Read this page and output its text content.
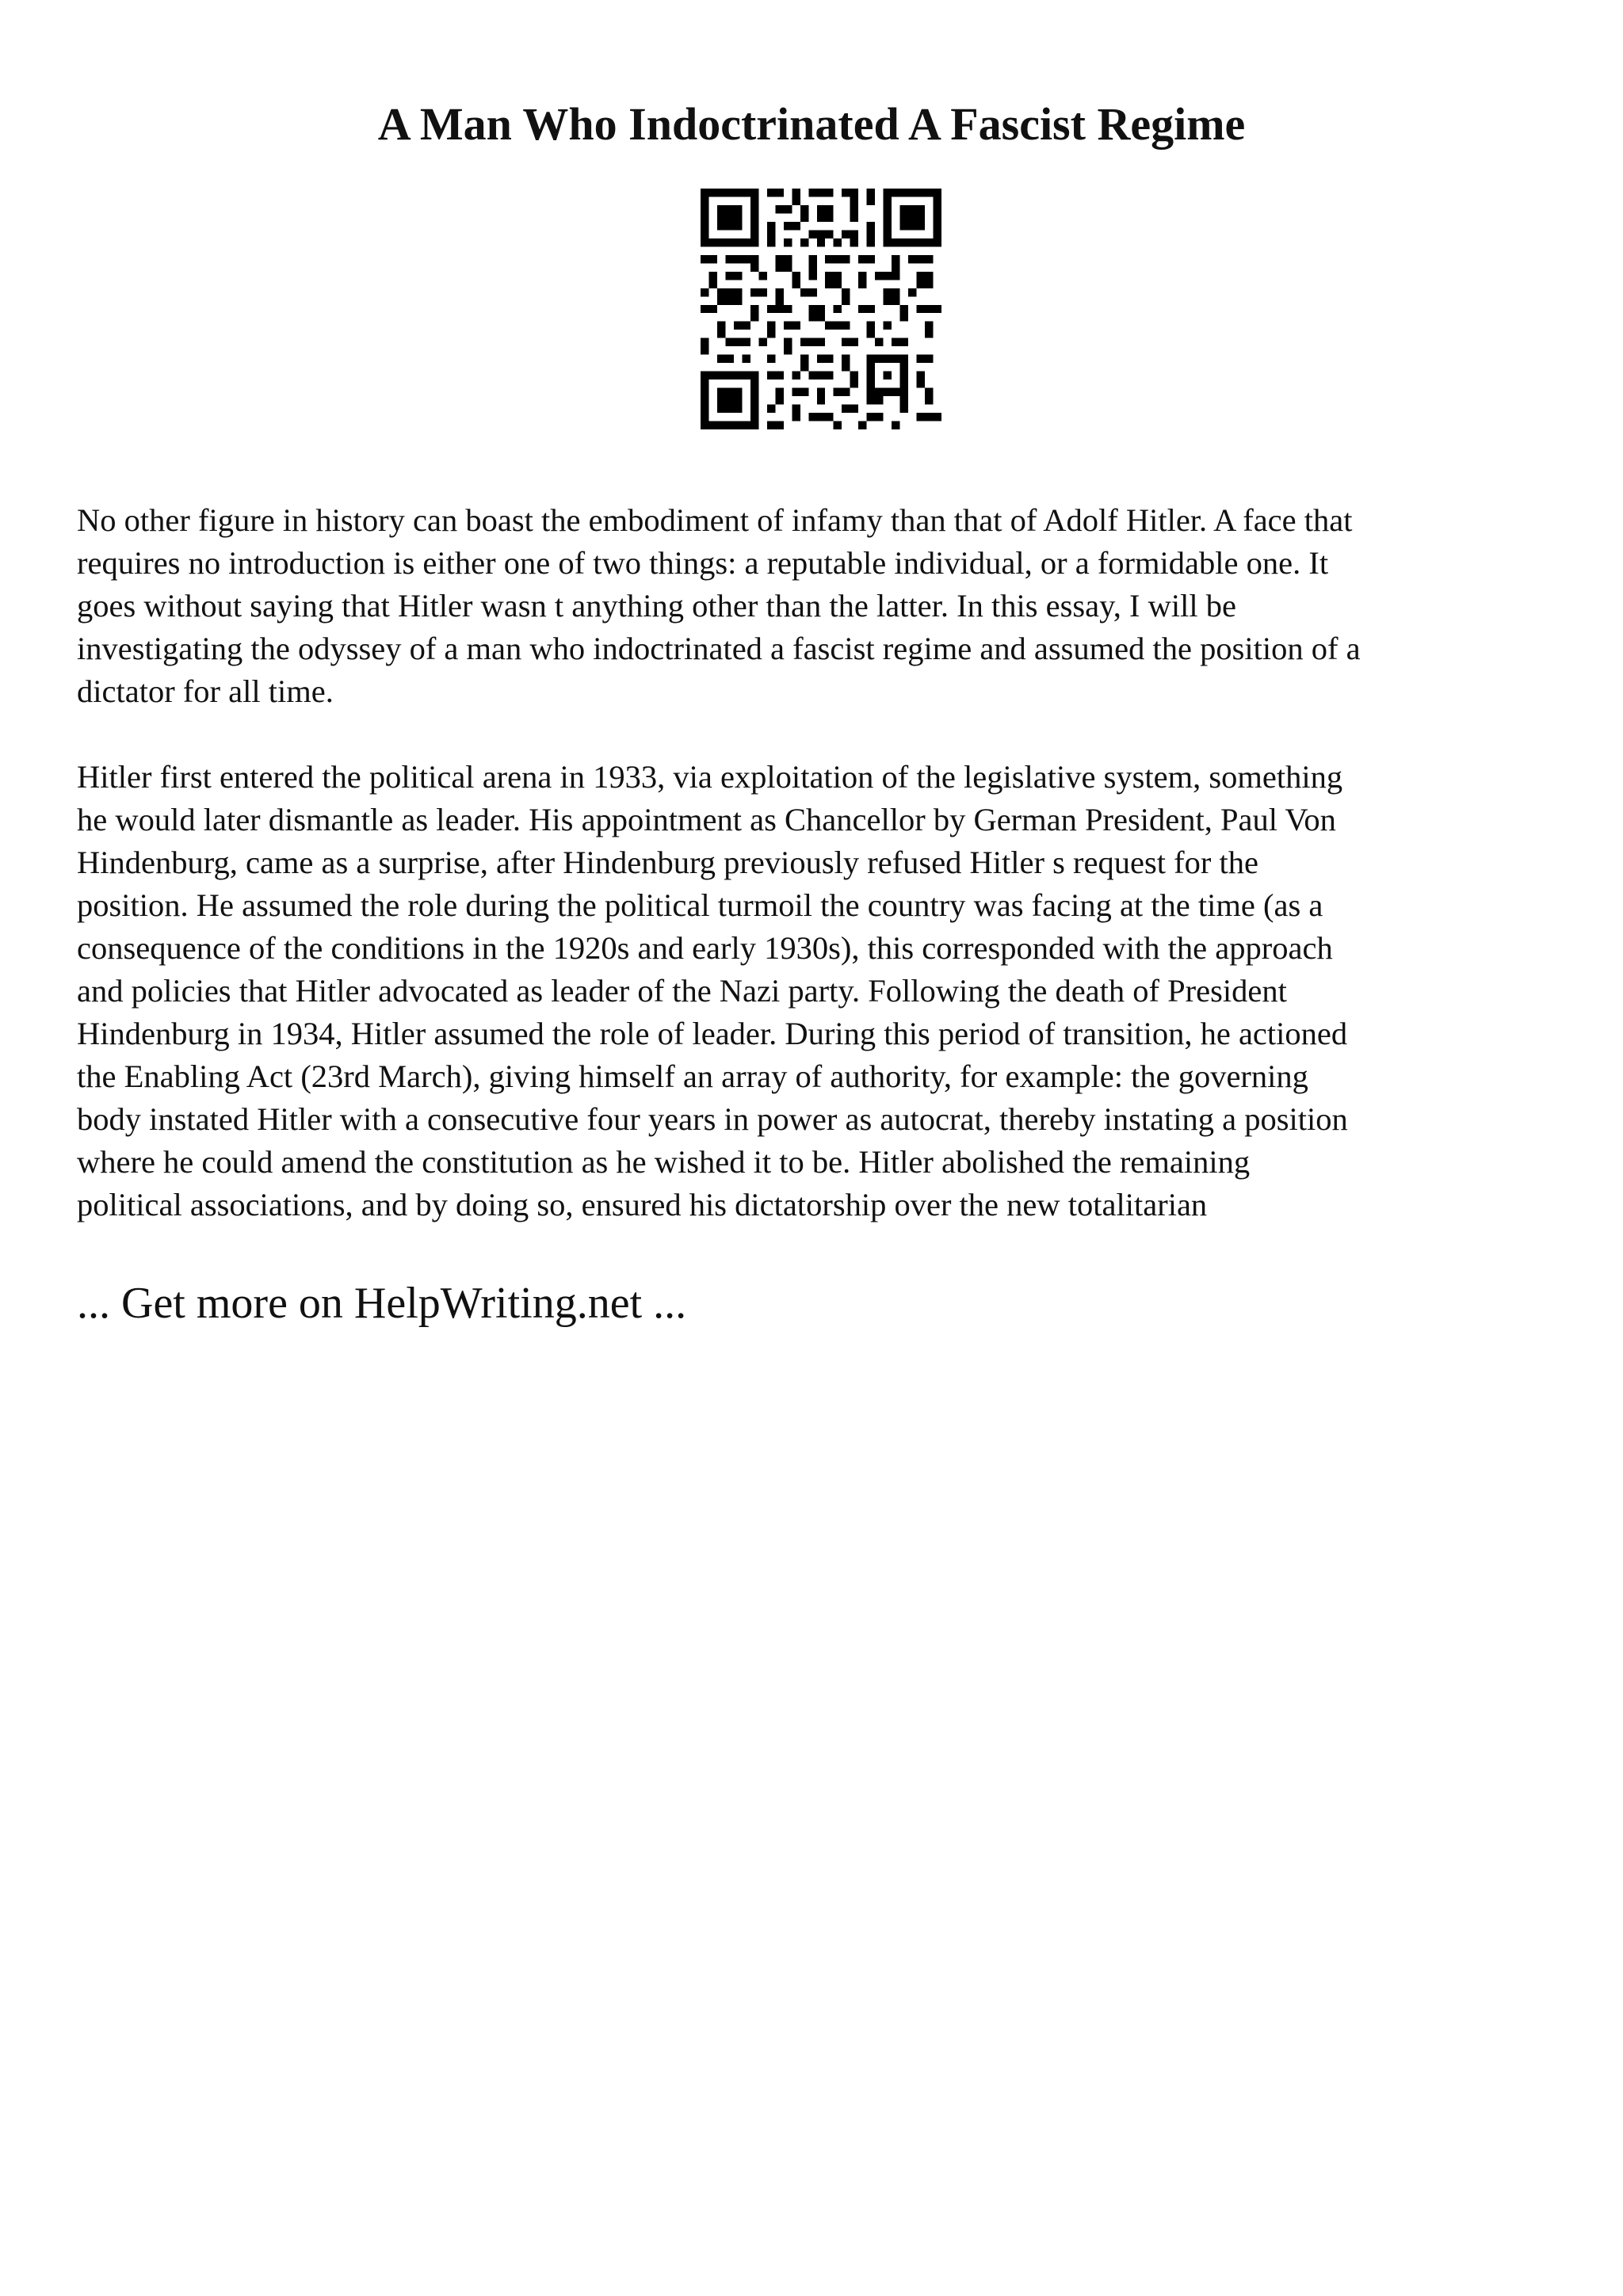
A Man Who Indoctrinated A Fascist Regime

No other figure in history can boast the embodiment of infamy than that of Adolf Hitler. A face that
requires no introduction is either one of two things: a reputable individual, or a formidable one. It
goes without saying that Hitler wasn t anything other than the latter. In this essay, I will be
investigating the odyssey of a man who indoctrinated a fascist regime and assumed the position of a
dictator for all time.

Hitler first entered the political arena in 1933, via exploitation of the legislative system, something
he would later dismantle as leader. His appointment as Chancellor by German President, Paul Von
Hindenburg, came as a surprise, after Hindenburg previously refused Hitler s request for the
position. He assumed the role during the political turmoil the country was facing at the time (as a
consequence of the conditions in the 1920s and early 1930s), this corresponded with the approach
and policies that Hitler advocated as leader of the Nazi party. Following the death of President
Hindenburg in 1934, Hitler assumed the role of leader. During this period of transition, he actioned
the Enabling Act (23rd March), giving himself an array of authority, for example: the governing
body instated Hitler with a consecutive four years in power as autocrat, thereby instating a position
where he could amend the constitution as he wished it to be. Hitler abolished the remaining
political associations, and by doing so, ensured his dictatorship over the new totalitarian

... Get more on HelpWriting.net ...
